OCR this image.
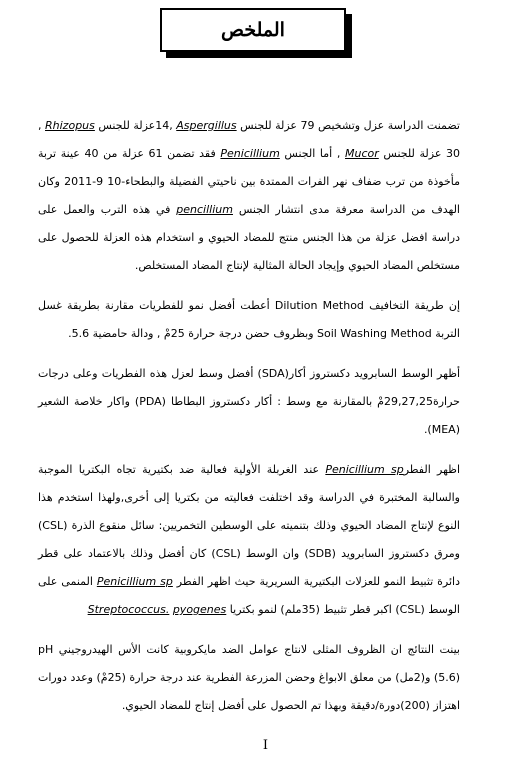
الملخص

تضمنت الدراسة عزل وتشخيص 79 عزلة للجنس Aspergillus ,14عزلة للجنس Rhizopus , 30 عزلة للجنس Mucor , أما الجنس Penicillium فقد تضمن 61 عزلة من 40 عينة تربة مأخوذة من ترب ضفاف نهر الفرات الممتدة بين ناحيتي الفضيلة والبطحاء-10 9-2011 وكان الهدف من الدراسة معرفة مدى انتشار الجنس pencillium في هذه الترب والعمل على دراسة افضل عزلة من هذا الجنس منتج للمضاد الحيوي و استخدام هذه العزلة للحصول على مستخلص المضاد الحيوي وإيجاد الحالة المثالية لإنتاج المضاد المستخلص.

إن طريقة التخافيف Dilution Method أعطت أفضل نمو للفطريات مقارنة بطريقة غسل التربة Soil Washing Method وبظروف حضن درجة حرارة 25مْ , ودالة حامضية 5.6.

أظهر الوسط السابرويد دكستروز أكار(SDA) أفضل وسط لعزل هذه الفطريات وعلى درجات حرارة29,27,25مْ بالمقارنة مع وسط : أكار دكستروز البطاطا (PDA) واكار خلاصة الشعير (MEA).

اظهر الفطرPenicillium sp عند الغربلة الأولية فعالية ضد بكتيرية تجاه البكتريا الموجبة والسالبة المختبرة في الدراسة وقد اختلفت فعاليته من بكتريا إلى أخرى,ولهذا استخدم هذا النوع لإنتاج المضاد الحيوي وذلك بتنميته على الوسطين التخمريين: سائل منقوع الذرة (CSL) ومرق دكستروز السابرويد (SDB) وان الوسط (CSL) كان أفضل وذلك بالاعتماد على قطر دائرة تثبيط النمو للعزلات البكتيرية السريرية حيث اظهر الفطر Penicillium sp المنمى على الوسط (CSL) اكبر قطر تثبيط (35ملم) لنمو بكتريا pyogenes Streptococcus.

بينت النتائج ان الظروف المثلى لانتاج عوامل الضد مايكروبية كانت الأس الهيدروجيني pH (5.6) و(2مل) من معلق الابواغ وحضن المزرعة الفطرية عند درجة حرارة (25مْ) وعدد دورات اهتزاز (200)دورة/دقيقة وبهذا تم الحصول على أفضل إنتاج للمضاد الحيوي.

I
